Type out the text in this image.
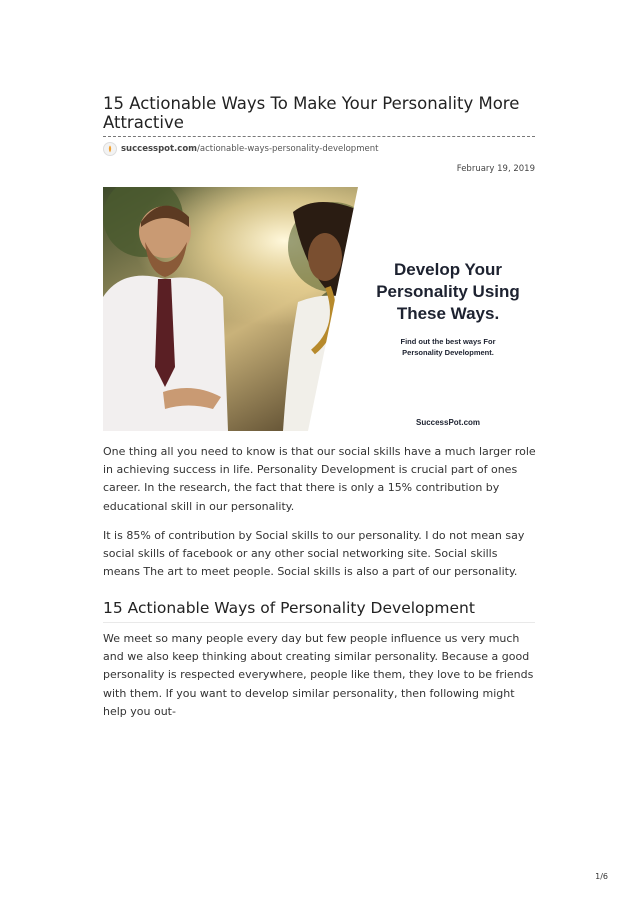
15 Actionable Ways To Make Your Personality More Attractive
successpot.com /actionable-ways-personality-development
February 19, 2019
Develop Your
Personality Using
These Ways.
Find out the best ways For
Personality Development.
SuccessPot.com

One thing all you need to know is that our social skills have a much larger role in achieving success in life. Personality Development is crucial part of ones career. In the research, the fact that there is only a 15% contribution by educational skill in our personality.

It is 85% of contribution by Social skills to our personality. I do not mean say social skills of facebook or any other social networking site. Social skills means The art to meet people. Social skills is also a part of our personality.

15 Actionable Ways of Personality Development

We meet so many people every day but few people influence us very much and we also keep thinking about creating similar personality. Because a good personality is respected everywhere, people like them, they love to be friends with them. If you want to develop similar personality, then following might help you out-

1/6
